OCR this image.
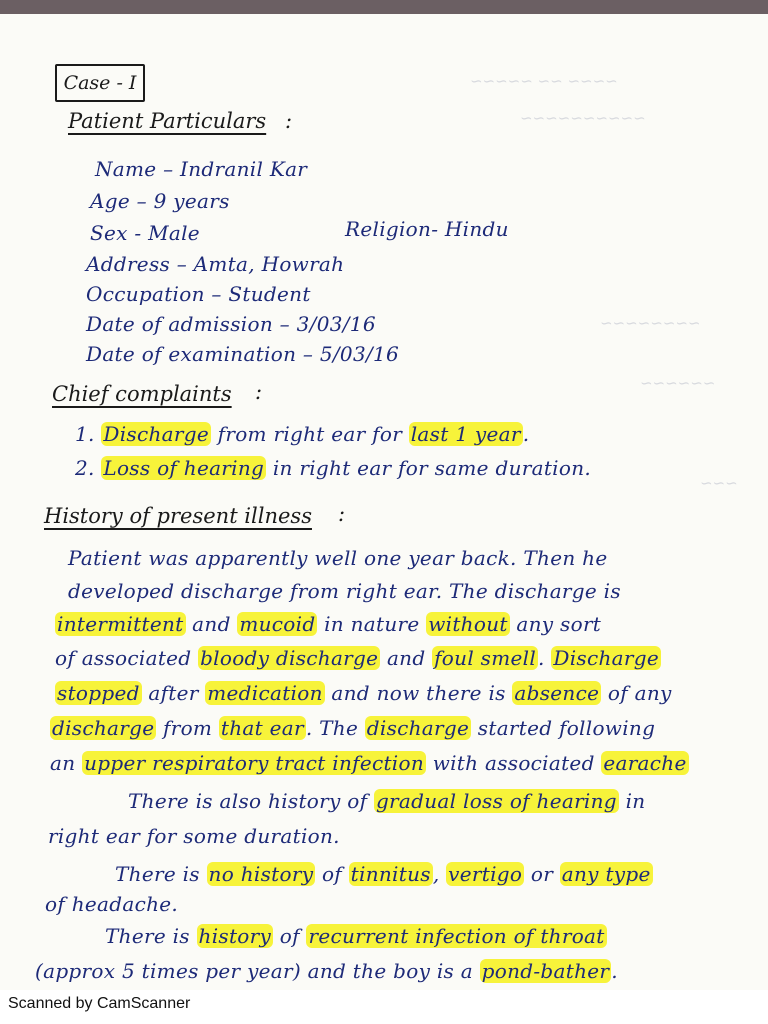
~~~~ ~~ ~~~~~
~~~~~~~~~~
~~~~~~~~
~~~~~~
~~~
Case - I
Patient Particulars :
Name – Indranil Kar
Age – 9 years
Sex - Male	Religion- Hindu
Address – Amta, Howrah
Occupation – Student
Date of admission – 3/03/16
Date of examination – 5/03/16
Chief complaints :
1. Discharge from right ear for last 1 year .
2. Loss of hearing in right ear for same duration.
History of present illness :
Patient was apparently well one year back. Then he
developed discharge from right ear. The discharge is
intermittent and mucoid in nature without any sort
of associated bloody discharge and foul smell . Discharge
stopped after medication and now there is absence of any
discharge from that ear . The discharge started following
an upper respiratory tract infection with associated earache
There is also history of gradual loss of hearing in
right ear for some duration.
There is no history of tinnitus , vertigo or any type
of headache.
There is history of recurrent infection of throat
(approx 5 times per year) and the boy is a pond-bather .
Scanned by CamScanner
